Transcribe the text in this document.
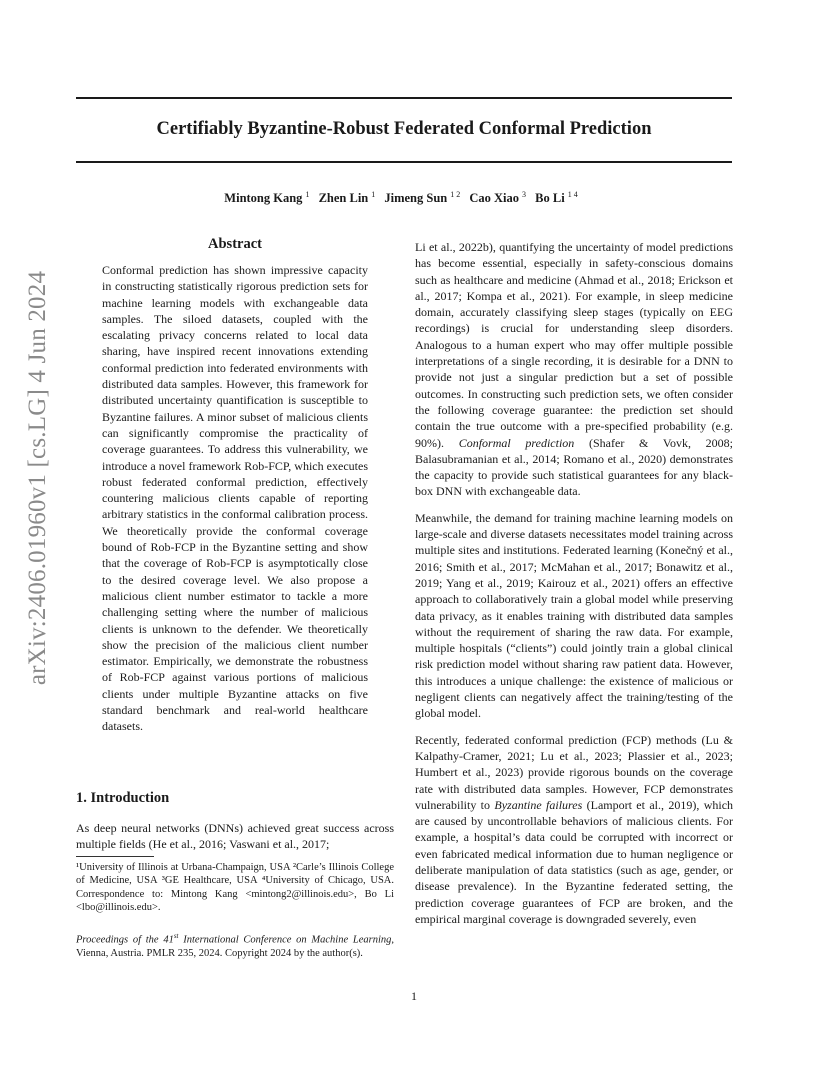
arXiv:2406.01960v1 [cs.LG] 4 Jun 2024
Certifiably Byzantine-Robust Federated Conformal Prediction
Mintong Kang $^1$ Zhen Lin $^1$ Jimeng Sun $^{1 2}$ Cao Xiao $^3$ Bo Li $^{1 4}$
Abstract
Conformal prediction has shown impressive capacity in constructing statistically rigorous prediction sets for machine learning models with exchangeable data samples. The siloed datasets, coupled with the escalating privacy concerns related to local data sharing, have inspired recent innovations extending conformal prediction into federated environments with distributed data samples. However, this framework for distributed uncertainty quantification is susceptible to Byzantine failures. A minor subset of malicious clients can significantly compromise the practicality of coverage guarantees. To address this vulnerability, we introduce a novel framework Rob-FCP, which executes robust federated conformal prediction, effectively countering malicious clients capable of reporting arbitrary statistics in the conformal calibration process. We theoretically provide the conformal coverage bound of Rob-FCP in the Byzantine setting and show that the coverage of Rob-FCP is asymptotically close to the desired coverage level. We also propose a malicious client number estimator to tackle a more challenging setting where the number of malicious clients is unknown to the defender. We theoretically show the precision of the malicious client number estimator. Empirically, we demonstrate the robustness of Rob-FCP against various portions of malicious clients under multiple Byzantine attacks on five standard benchmark and real-world healthcare datasets.
1. Introduction

As deep neural networks (DNNs) achieved great success across multiple fields (He et al., 2016; Vaswani et al., 2017;

¹University of Illinois at Urbana-Champaign, USA ²Carle’s Illinois College of Medicine, USA ³GE Healthcare, USA ⁴University of Chicago, USA. Correspondence to: Mintong Kang <mintong2@illinois.edu>, Bo Li <lbo@illinois.edu>.
Proceedings of the 41st International Conference on Machine Learning, Vienna, Austria. PMLR 235, 2024. Copyright 2024 by the author(s).

Li et al., 2022b), quantifying the uncertainty of model predictions has become essential, especially in safety-conscious domains such as healthcare and medicine (Ahmad et al., 2018; Erickson et al., 2017; Kompa et al., 2021). For example, in sleep medicine domain, accurately classifying sleep stages (typically on EEG recordings) is crucial for understanding sleep disorders. Analogous to a human expert who may offer multiple possible interpretations of a single recording, it is desirable for a DNN to provide not just a singular prediction but a set of possible outcomes. In constructing such prediction sets, we often consider the following coverage guarantee: the prediction set should contain the true outcome with a pre-specified probability (e.g. 90%). Conformal prediction (Shafer & Vovk, 2008; Balasubramanian et al., 2014; Romano et al., 2020) demonstrates the capacity to provide such statistical guarantees for any black-box DNN with exchangeable data.

Meanwhile, the demand for training machine learning models on large-scale and diverse datasets necessitates model training across multiple sites and institutions. Federated learning (Konečný et al., 2016; Smith et al., 2017; McMahan et al., 2017; Bonawitz et al., 2019; Yang et al., 2019; Kairouz et al., 2021) offers an effective approach to collaboratively train a global model while preserving data privacy, as it enables training with distributed data samples without the requirement of sharing the raw data. For example, multiple hospitals (“clients”) could jointly train a global clinical risk prediction model without sharing raw patient data. However, this introduces a unique challenge: the existence of malicious or negligent clients can negatively affect the training/testing of the global model.

Recently, federated conformal prediction (FCP) methods (Lu & Kalpathy-Cramer, 2021; Lu et al., 2023; Plassier et al., 2023; Humbert et al., 2023) provide rigorous bounds on the coverage rate with distributed data samples. However, FCP demonstrates vulnerability to Byzantine failures (Lamport et al., 2019), which are caused by uncontrollable behaviors of malicious clients. For example, a hospital’s data could be corrupted with incorrect or even fabricated medical information due to human negligence or deliberate manipulation of data statistics (such as age, gender, or disease prevalence). In the Byzantine federated setting, the prediction coverage guarantees of FCP are broken, and the empirical marginal coverage is downgraded severely, even

1
